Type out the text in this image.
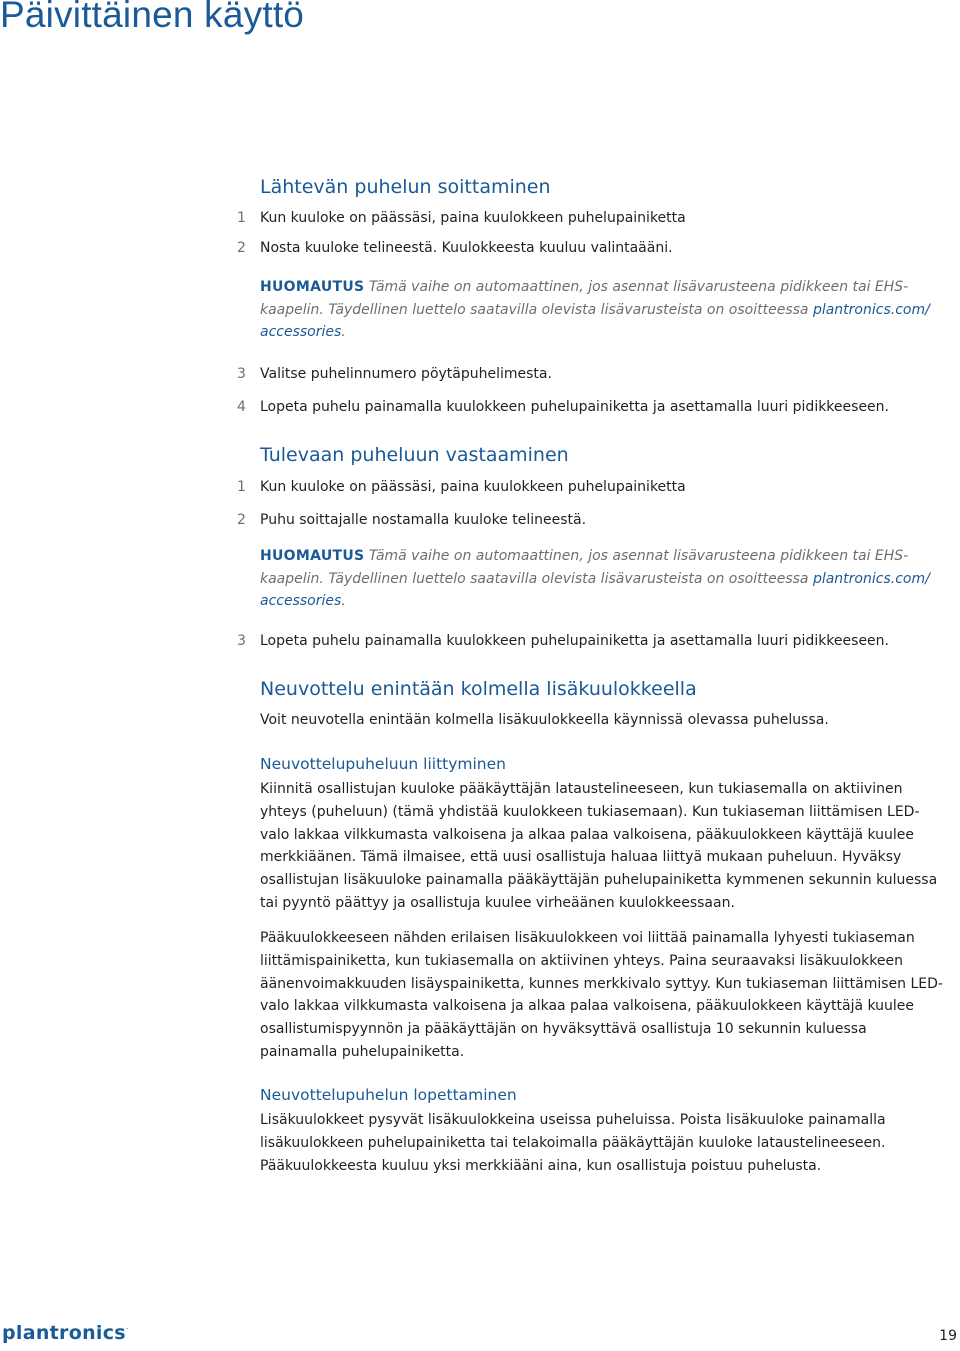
Päivittäinen käyttö
Lähtevän puhelun soittaminen
1 Kun kuuloke on päässäsi, paina kuulokkeen puhelupainiketta
2 Nosta kuuloke telineestä. Kuulokkeesta kuuluu valintaääni.
HUOMAUTUS Tämä vaihe on automaattinen, jos asennat lisävarusteena pidikkeen tai EHS-kaapelin. Täydellinen luettelo saatavilla olevista lisävarusteista on osoitteessa plantronics.com/ accessories.
3 Valitse puhelinnumero pöytäpuhelimesta.
4 Lopeta puhelu painamalla kuulokkeen puhelupainiketta ja asettamalla luuri pidikkeeseen.
Tulevaan puheluun vastaaminen
1 Kun kuuloke on päässäsi, paina kuulokkeen puhelupainiketta
2 Puhu soittajalle nostamalla kuuloke telineestä.
HUOMAUTUS Tämä vaihe on automaattinen, jos asennat lisävarusteena pidikkeen tai EHS-kaapelin. Täydellinen luettelo saatavilla olevista lisävarusteista on osoitteessa plantronics.com/ accessories.
3 Lopeta puhelu painamalla kuulokkeen puhelupainiketta ja asettamalla luuri pidikkeeseen.
Neuvottelu enintään kolmella lisäkuulokkeella
Voit neuvotella enintään kolmella lisäkuulokkeella käynnissä olevassa puhelussa.
Neuvottelupuheluun liittyminen
Kiinnitä osallistujan kuuloke pääkäyttäjän lataustelineeseen, kun tukiasemalla on aktiivinen yhteys (puheluun) (tämä yhdistää kuulokkeen tukiasemaan). Kun tukiaseman liittämisen LED-valo lakkaa vilkkumasta valkoisena ja alkaa palaa valkoisena, pääkuulokkeen käyttäjä kuulee merkkiäänen. Tämä ilmaisee, että uusi osallistuja haluaa liittyä mukaan puheluun. Hyväksy osallistujan lisäkuuloke painamalla pääkäyttäjän puhelupainiketta kymmenen sekunnin kuluessa tai pyyntö päättyy ja osallistuja kuulee virheäänen kuulokkeessaan.
Pääkuulokkeeseen nähden erilaisen lisäkuulokkeen voi liittää painamalla lyhyesti tukiaseman liittämispainiketta, kun tukiasemalla on aktiivinen yhteys. Paina seuraavaksi lisäkuulokkeen äänenvoimakkuuden lisäyspainiketta, kunnes merkkivalo syttyy. Kun tukiaseman liittämisen LED-valo lakkaa vilkkumasta valkoisena ja alkaa palaa valkoisena, pääkuulokkeen käyttäjä kuulee osallistumispyynnön ja pääkäyttäjän on hyväksyttävä osallistuja 10 sekunnin kuluessa painamalla puhelupainiketta.
Neuvottelupuhelun lopettaminen
Lisäkuulokkeet pysyvät lisäkuulokkeina useissa puheluissa. Poista lisäkuuloke painamalla lisäkuulokkeen puhelupainiketta tai telakoimalla pääkäyttäjän kuuloke lataustelineeseen. Pääkuulokkeesta kuuluu yksi merkkiääni aina, kun osallistuja poistuu puhelusta.
plantronics.
19
